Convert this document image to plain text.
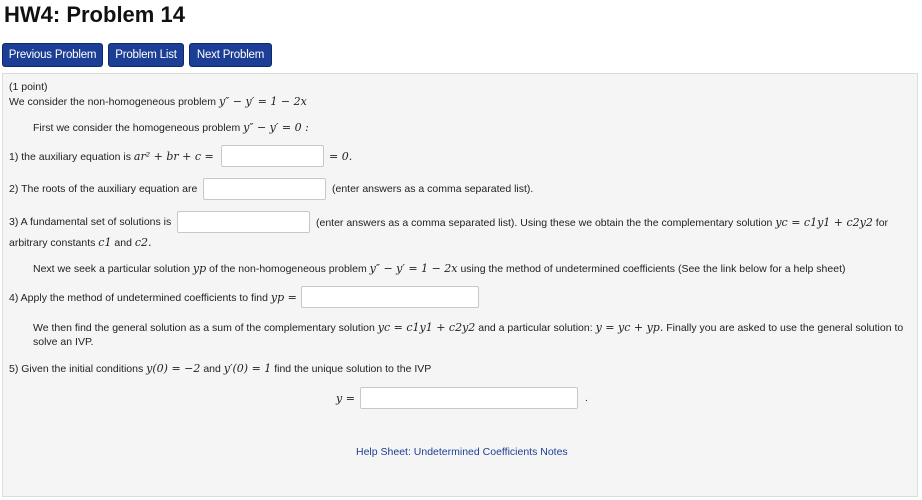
HW4: Problem 14
Previous Problem	Problem List	Next Problem
(1 point)
We consider the non-homogeneous problem y″ − y′ = 1 − 2x
First we consider the homogeneous problem y″ − y′ = 0 :
1) the auxiliary equation is ar² + br + c =	= 0.
2) The roots of the auxiliary equation are	(enter answers as a comma separated list).
3) A fundamental set of solutions is	(enter answers as a comma separated list). Using these we obtain the the complementary solution yc = c1y1 + c2y2 for
arbitrary constants c1 and c2.
Next we seek a particular solution yp of the non-homogeneous problem y″ − y′ = 1 − 2x using the method of undetermined coefficients (See the link below for a help sheet)
4) Apply the method of undetermined coefficients to find yp =
We then find the general solution as a sum of the complementary solution yc = c1y1 + c2y2 and a particular solution: y = yc + yp. Finally you are asked to use the general solution to
solve an IVP.
5) Given the initial conditions y(0) = −2 and y′(0) = 1 find the unique solution to the IVP
y =	.
Help Sheet: Undetermined Coefficients Notes
